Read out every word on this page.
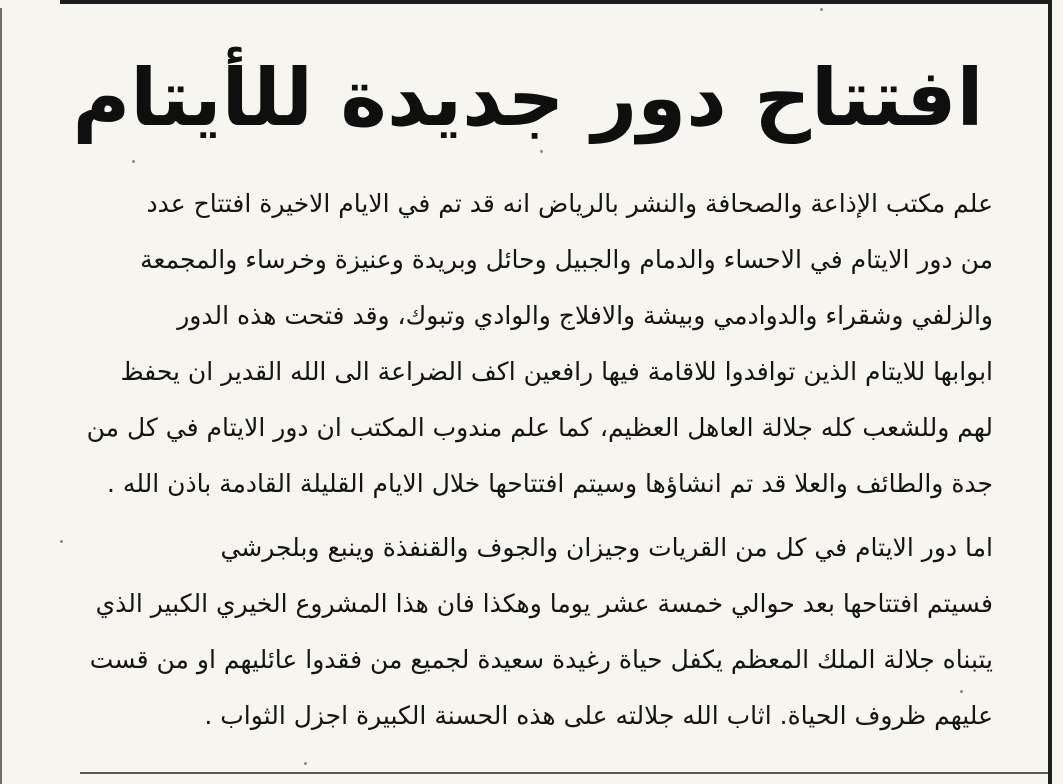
افتتاح دور جديدة للأيتام
علم مكتب الإذاعة والصحافة والنشر بالرياض انه قد تم في الايام الاخيرة افتتاح عدد
من دور الايتام في الاحساء والدمام والجبيل وحائل وبريدة وعنيزة وخرساء والمجمعة
والزلفي وشقراء والدوادمي وبيشة والافلاج والوادي وتبوك، وقد فتحت هذه الدور
ابوابها للايتام الذين توافدوا للاقامة فيها رافعين اكف الضراعة الى الله القدير ان يحفظ
لهم وللشعب كله جلالة العاهل العظيم، كما علم مندوب المكتب ان دور الايتام في كل من
جدة والطائف والعلا قد تم انشاؤها وسيتم افتتاحها خلال الايام القليلة القادمة باذن الله .
اما دور الايتام في كل من القريات وجيزان والجوف والقنفذة وينبع وبلجرشي
فسيتم افتتاحها بعد حوالي خمسة عشر يوما وهكذا فان هذا المشروع الخيري الكبير الذي
يتبناه جلالة الملك المعظم يكفل حياة رغيدة سعيدة لجميع من فقدوا عائليهم او من قست
عليهم ظروف الحياة. اثاب الله جلالته على هذه الحسنة الكبيرة اجزل الثواب .
